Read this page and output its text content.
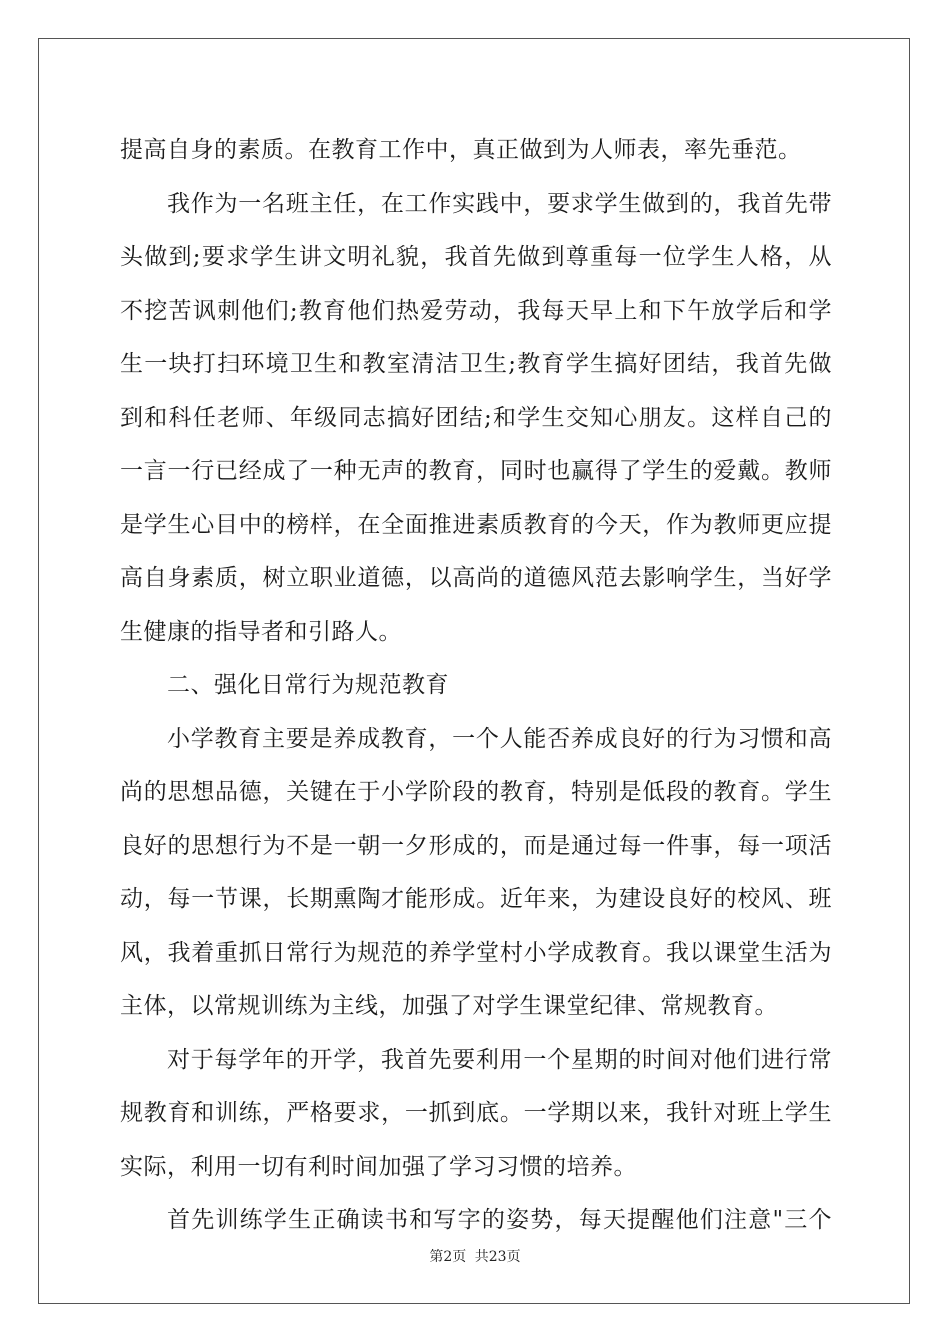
提高自身的素质。在教育工作中，真正做到为人师表，率先垂范。
我作为一名班主任，在工作实践中，要求学生做到的，我首先带
头做到;要求学生讲文明礼貌，我首先做到尊重每一位学生人格，从
不挖苦讽刺他们;教育他们热爱劳动，我每天早上和下午放学后和学
生一块打扫环境卫生和教室清洁卫生;教育学生搞好团结，我首先做
到和科任老师、年级同志搞好团结;和学生交知心朋友。这样自己的
一言一行已经成了一种无声的教育，同时也赢得了学生的爱戴。教师
是学生心目中的榜样，在全面推进素质教育的今天，作为教师更应提
高自身素质，树立职业道德，以高尚的道德风范去影响学生，当好学
生健康的指导者和引路人。
二、强化日常行为规范教育
小学教育主要是养成教育，一个人能否养成良好的行为习惯和高
尚的思想品德，关键在于小学阶段的教育，特别是低段的教育。学生
良好的思想行为不是一朝一夕形成的，而是通过每一件事，每一项活
动，每一节课，长期熏陶才能形成。近年来，为建设良好的校风、班
风，我着重抓日常行为规范的养学堂村小学成教育。我以课堂生活为
主体，以常规训练为主线，加强了对学生课堂纪律、常规教育。
对于每学年的开学，我首先要利用一个星期的时间对他们进行常
规教育和训练，严格要求，一抓到底。一学期以来，我针对班上学生
实际，利用一切有利时间加强了学习习惯的培养。
首先训练学生正确读书和写字的姿势，每天提醒他们注意"三个
第2页 共23页
